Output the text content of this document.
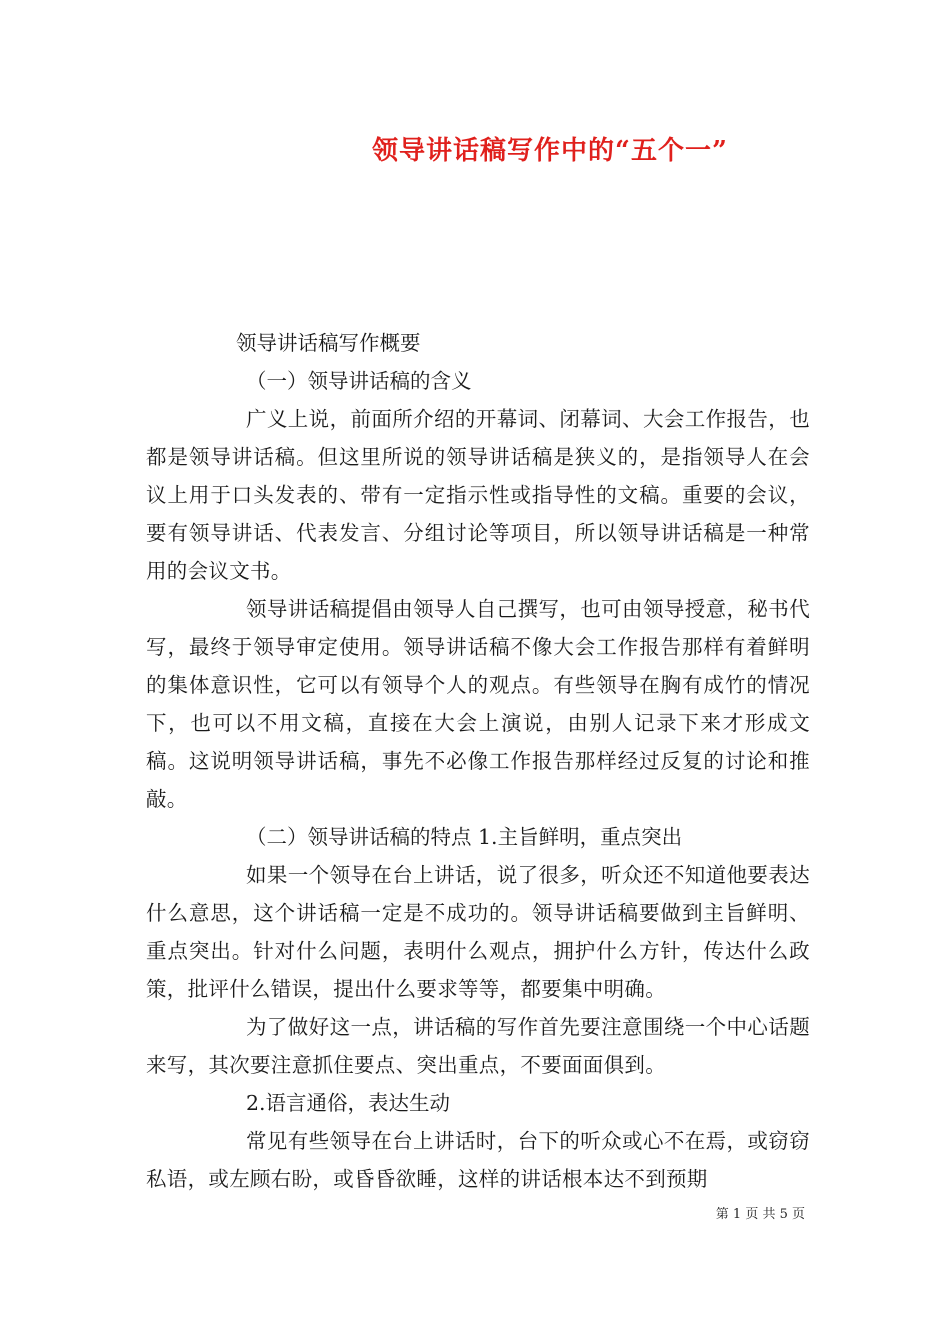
领导讲话稿写作中的“五个一”

领导讲话稿写作概要

（一）领导讲话稿的含义

广义上说，前面所介绍的开幕词、闭幕词、大会工作报告，也都是领导讲话稿。但这里所说的领导讲话稿是狭义的，是指领导人在会议上用于口头发表的、带有一定指示性或指导性的文稿。重要的会议，要有领导讲话、代表发言、分组讨论等项目，所以领导讲话稿是一种常用的会议文书。

领导讲话稿提倡由领导人自己撰写，也可由领导授意，秘书代写，最终于领导审定使用。领导讲话稿不像大会工作报告那样有着鲜明的集体意识性，它可以有领导个人的观点。有些领导在胸有成竹的情况下，也可以不用文稿，直接在大会上演说，由别人记录下来才形成文稿。这说明领导讲话稿，事先不必像工作报告那样经过反复的讨论和推敲。

（二）领导讲话稿的特点 1.主旨鲜明，重点突出

如果一个领导在台上讲话，说了很多，听众还不知道他要表达什么意思，这个讲话稿一定是不成功的。领导讲话稿要做到主旨鲜明、重点突出。针对什么问题，表明什么观点，拥护什么方针，传达什么政策，批评什么错误，提出什么要求等等，都要集中明确。

为了做好这一点，讲话稿的写作首先要注意围绕一个中心话题来写，其次要注意抓住要点、突出重点，不要面面俱到。

2.语言通俗，表达生动

常见有些领导在台上讲话时，台下的听众或心不在焉，或窃窃私语，或左顾右盼，或昏昏欲睡，这样的讲话根本达不到预期

第 1 页 共 5 页
